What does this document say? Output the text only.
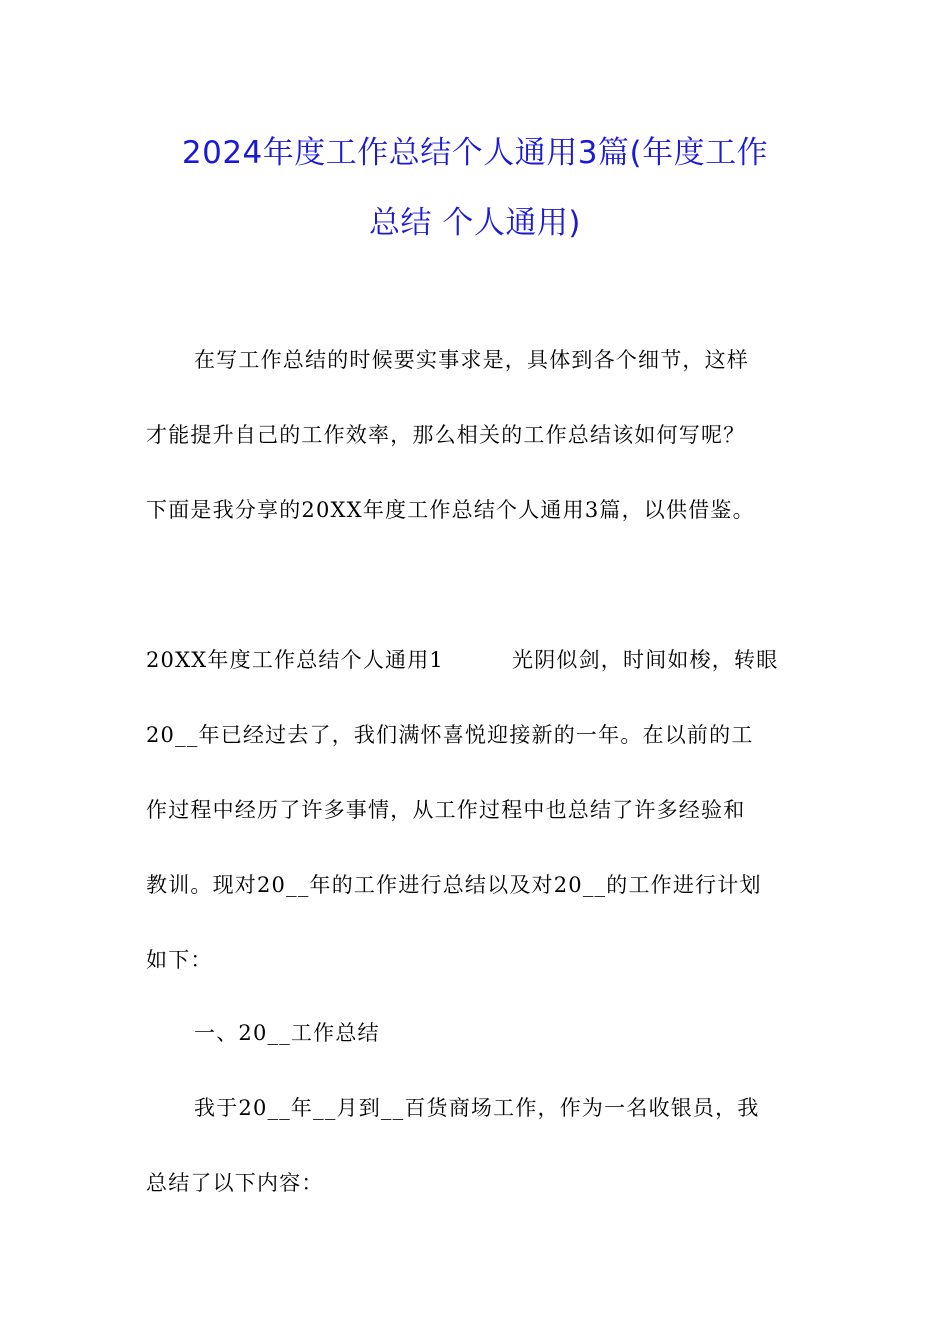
2024年度工作总结个人通用3篇(年度工作
总结 个人通用)
在写工作总结的时候要实事求是，具体到各个细节，这样
才能提升自己的工作效率，那么相关的工作总结该如何写呢？
下面是我分享的20XX年度工作总结个人通用3篇，以供借鉴。
20XX年度工作总结个人通用1	光阴似剑，时间如梭，转眼
20__年已经过去了，我们满怀喜悦迎接新的一年。在以前的工
作过程中经历了许多事情，从工作过程中也总结了许多经验和
教训。现对20__年的工作进行总结以及对20__的工作进行计划
如下：
一、20__工作总结
我于20__年__月到__百货商场工作，作为一名收银员，我
总结了以下内容：
